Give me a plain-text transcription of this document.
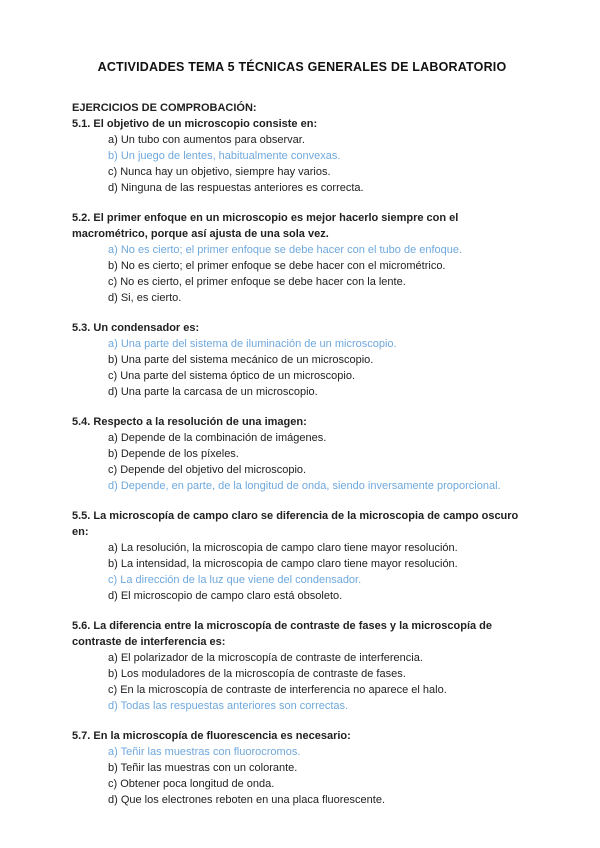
ACTIVIDADES TEMA 5 TÉCNICAS GENERALES DE LABORATORIO

EJERCICIOS DE COMPROBACIÓN:

5.1. El objetivo de un microscopio consiste en:

a) Un tubo con aumentos para observar.

b) Un juego de lentes, habitualmente convexas.

c) Nunca hay un objetivo, siempre hay varios.

d) Ninguna de las respuestas anteriores es correcta.

5.2. El primer enfoque en un microscopio es mejor hacerlo siempre con el macrométrico, porque así ajusta de una sola vez.

a) No es cierto; el primer enfoque se debe hacer con el tubo de enfoque.

b) No es cierto; el primer enfoque se debe hacer con el micrométrico.

c) No es cierto, el primer enfoque se debe hacer con la lente.

d) Si, es cierto.

5.3. Un condensador es:

a) Una parte del sistema de iluminación de un microscopio.

b) Una parte del sistema mecánico de un microscopio.

c) Una parte del sistema óptico de un microscopio.

d) Una parte la carcasa de un microscopio.

5.4. Respecto a la resolución de una imagen:

a) Depende de la combinación de imágenes.

b) Depende de los píxeles.

c) Depende del objetivo del microscopio.

d) Depende, en parte, de la longitud de onda, siendo inversamente proporcional.

5.5. La microscopía de campo claro se diferencia de la microscopia de campo oscuro en:

a) La resolución, la microscopia de campo claro tiene mayor resolución.

b) La intensidad, la microscopia de campo claro tiene mayor resolución.

c) La dirección de la luz que viene del condensador.

d) El microscopio de campo claro está obsoleto.

5.6. La diferencia entre la microscopía de contraste de fases y la microscopía de contraste de interferencia es:

a) El polarizador de la microscopía de contraste de interferencia.

b) Los moduladores de la microscopía de contraste de fases.

c) En la microscopía de contraste de interferencia no aparece el halo.

d) Todas las respuestas anteriores son correctas.

5.7. En la microscopía de fluorescencia es necesario:

a) Teñir las muestras con fluorocromos.

b) Teñir las muestras con un colorante.

c) Obtener poca longitud de onda.

d) Que los electrones reboten en una placa fluorescente.
